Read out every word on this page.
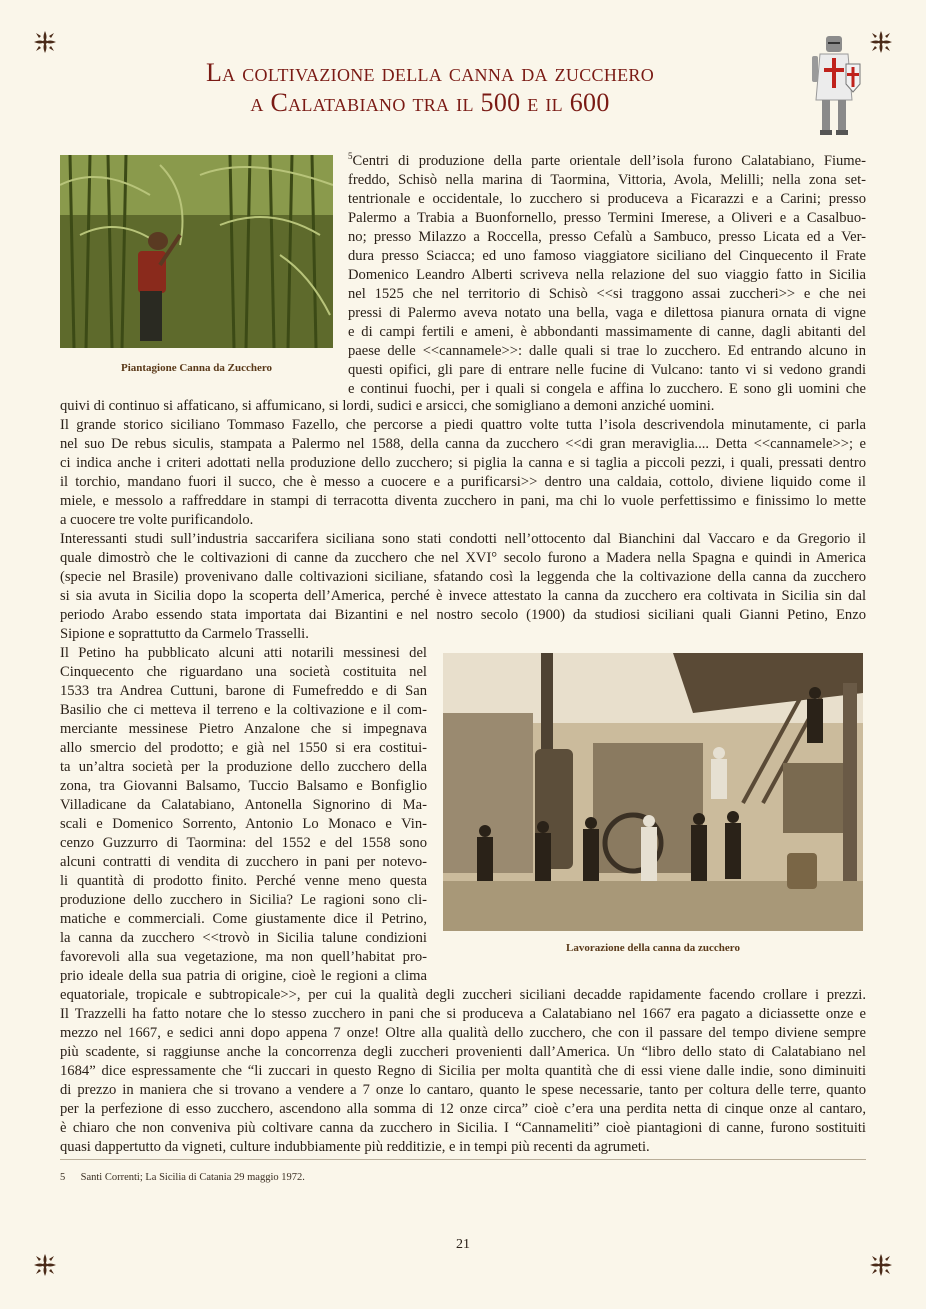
La coltivazione della canna da zucchero
a Calatabiano tra il 500 e il 600
Piantagione Canna da Zucchero
Lavorazione della canna da zucchero
$^5$Centri di produzione della parte orientale dell’isola furono Calatabiano, Fiume-
freddo, Schisò nella marina di Taormina, Vittoria, Avola, Melilli; nella zona set-
tentrionale e occidentale, lo zucchero si produceva a Ficarazzi e a Carini; presso
Palermo a Trabia a Buonfornello, presso Termini Imerese, a Oliveri e a Casalbuo-
no; presso Milazzo a Roccella, presso Cefalù a Sambuco, presso Licata ed a Ver-
dura presso Sciacca; ed uno famoso viaggiatore siciliano del Cinquecento il Frate
Domenico Leandro Alberti scriveva nella relazione del suo viaggio fatto in Sicilia
nel 1525 che nel territorio di Schisò <<si traggono assai zuccheri>> e che nei
pressi di Palermo aveva notato una bella, vaga e dilettosa pianura ornata di vigne
e di campi fertili e ameni, è abbondanti massimamente di canne, dagli abitanti del
paese delle <<cannamele>>: dalle quali si trae lo zucchero. Ed entrando alcuno in
questi opifici, gli pare di entrare nelle fucine di Vulcano: tanto vi si vedono grandi
e continui fuochi, per i quali si congela e affina lo zucchero. E sono gli uomini che
quivi di continuo si affaticano, si affumicano, si lordi, sudici e arsicci, che somigliano a demoni anziché uomini.
Il grande storico siciliano Tommaso Fazello, che percorse a piedi quattro volte tutta l’isola descrivendola minutamente, ci parla
nel suo De rebus siculis, stampata a Palermo nel 1588, della canna da zucchero <<di gran meraviglia.... Detta <<cannamele>>; e
ci indica anche i criteri adottati nella produzione dello zucchero; si piglia la canna e si taglia a piccoli pezzi, i quali, pressati dentro
il torchio, mandano fuori il succo, che è messo a cuocere e a purificarsi>> dentro una caldaia, cottolo, diviene liquido come il
miele, e messolo a raffreddare in stampi di terracotta diventa zucchero in pani, ma chi lo vuole perfettissimo e finissimo lo mette
a cuocere tre volte purificandolo.
Interessanti studi sull’industria saccarifera siciliana sono stati condotti nell’ottocento dal Bianchini dal Vaccaro e da Gregorio il
quale dimostrò che le coltivazioni di canne da zucchero che nel XVI° secolo furono a Madera nella Spagna e quindi in America
(specie nel Brasile) provenivano dalle coltivazioni siciliane, sfatando così la leggenda che la coltivazione della canna da zucchero
si sia avuta in Sicilia dopo la scoperta dell’America, perché è invece attestato la canna da zucchero era coltivata in Sicilia sin dal
periodo Arabo essendo stata importata dai Bizantini e nel nostro secolo (1900) da studiosi siciliani quali Gianni Petino, Enzo
Sipione e soprattutto da Carmelo Trasselli.
Il Petino ha pubblicato alcuni atti notarili messinesi del
Cinquecento che riguardano una società costituita nel
1533 tra Andrea Cuttuni, barone di Fumefreddo e di San
Basilio che ci metteva il terreno e la coltivazione e il com-
merciante messinese Pietro Anzalone che si impegnava
allo smercio del prodotto; e già nel 1550 si era costitui-
ta un’altra società per la produzione dello zucchero della
zona, tra Giovanni Balsamo, Tuccio Balsamo e Bonfiglio
Villadicane da Calatabiano, Antonella Signorino di Ma-
scali e Domenico Sorrento, Antonio Lo Monaco e Vin-
cenzo Guzzurro di Taormina: del 1552 e del 1558 sono
alcuni contratti di vendita di zucchero in pani per notevo-
li quantità di prodotto finito. Perché venne meno questa
produzione dello zucchero in Sicilia? Le ragioni sono cli-
matiche e commerciali. Come giustamente dice il Petrino,
la canna da zucchero <<trovò in Sicilia talune condizioni
favorevoli alla sua vegetazione, ma non quell’habitat pro-
prio ideale della sua patria di origine, cioè le regioni a clima
equatoriale, tropicale e subtropicale>>, per cui la qualità degli zuccheri siciliani decadde rapidamente facendo crollare i prezzi.
Il Trazzelli ha fatto notare che lo stesso zucchero in pani che si produceva a Calatabiano nel 1667 era pagato a diciassette onze e
mezzo nel 1667, e sedici anni dopo appena 7 onze! Oltre alla qualità dello zucchero, che con il passare del tempo diviene sempre
più scadente, si raggiunse anche la concorrenza degli zuccheri provenienti dall’America. Un “libro dello stato di Calatabiano nel
1684” dice espressamente che “li zuccari in questo Regno di Sicilia per molta quantità che di essi viene dalle indie, sono diminuiti
di prezzo in maniera che si trovano a vendere a 7 onze lo cantaro, quanto le spese necessarie, tanto per coltura delle terre, quanto
per la perfezione di esso zucchero, ascendono alla somma di 12 onze circa” cioè c’era una perdita netta di cinque onze al cantaro,
è chiaro che non conveniva più coltivare canna da zucchero in Sicilia. I “Cannameliti” cioè piantagioni di canne, furono sostituiti
quasi dappertutto da vigneti, culture indubbiamente più redditizie, e in tempi più recenti da agrumeti.
5 Santi Correnti; La Sicilia di Catania 29 maggio 1972.
21
